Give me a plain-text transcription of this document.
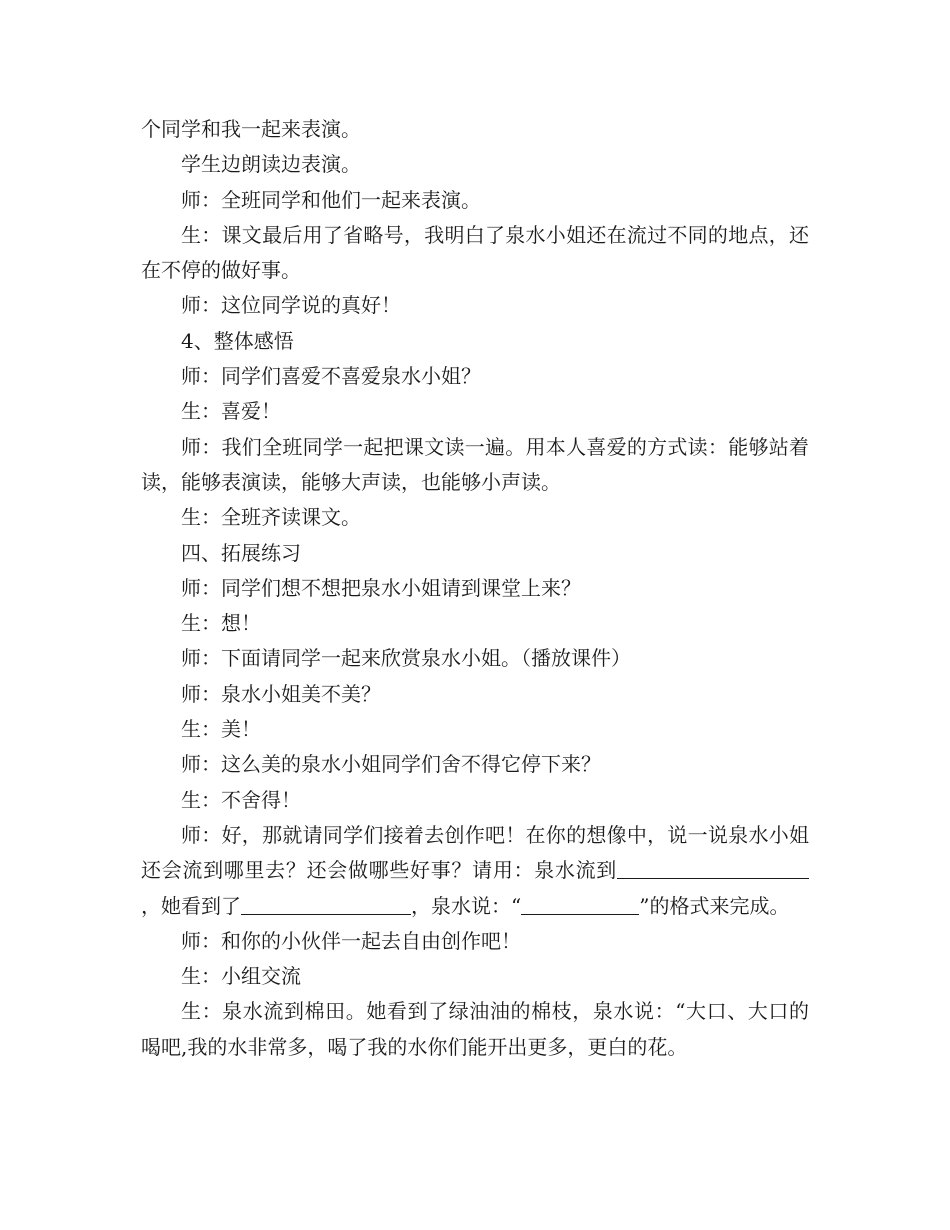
个同学和我一起来表演。

学生边朗读边表演。

师：全班同学和他们一起来表演。

生：课文最后用了省略号，我明白了泉水小姐还在流过不同的地点，还在不停的做好事。

师：这位同学说的真好！

4、整体感悟

师：同学们喜爱不喜爱泉水小姐？

生：喜爱！

师：我们全班同学一起把课文读一遍。用本人喜爱的方式读：能够站着读，能够表演读，能够大声读，也能够小声读。

生：全班齐读课文。

四、拓展练习

师：同学们想不想把泉水小姐请到课堂上来？

生：想！

师：下面请同学一起来欣赏泉水小姐。（播放课件）

师：泉水小姐美不美？

生：美！

师：这么美的泉水小姐同学们舍不得它停下来？

生：不舍得！

师：好，那就请同学们接着去创作吧！在你的想像中，说一说泉水小姐还会流到哪里去？还会做哪些好事？请用：泉水流到，她看到了	，泉水说：“	”的格式来完成。

师：和你的小伙伴一起去自由创作吧！

生：小组交流

生：泉水流到棉田。她看到了绿油油的棉枝，泉水说：“大口、大口的喝吧,我的水非常多，喝了我的水你们能开出更多，更白的花。
